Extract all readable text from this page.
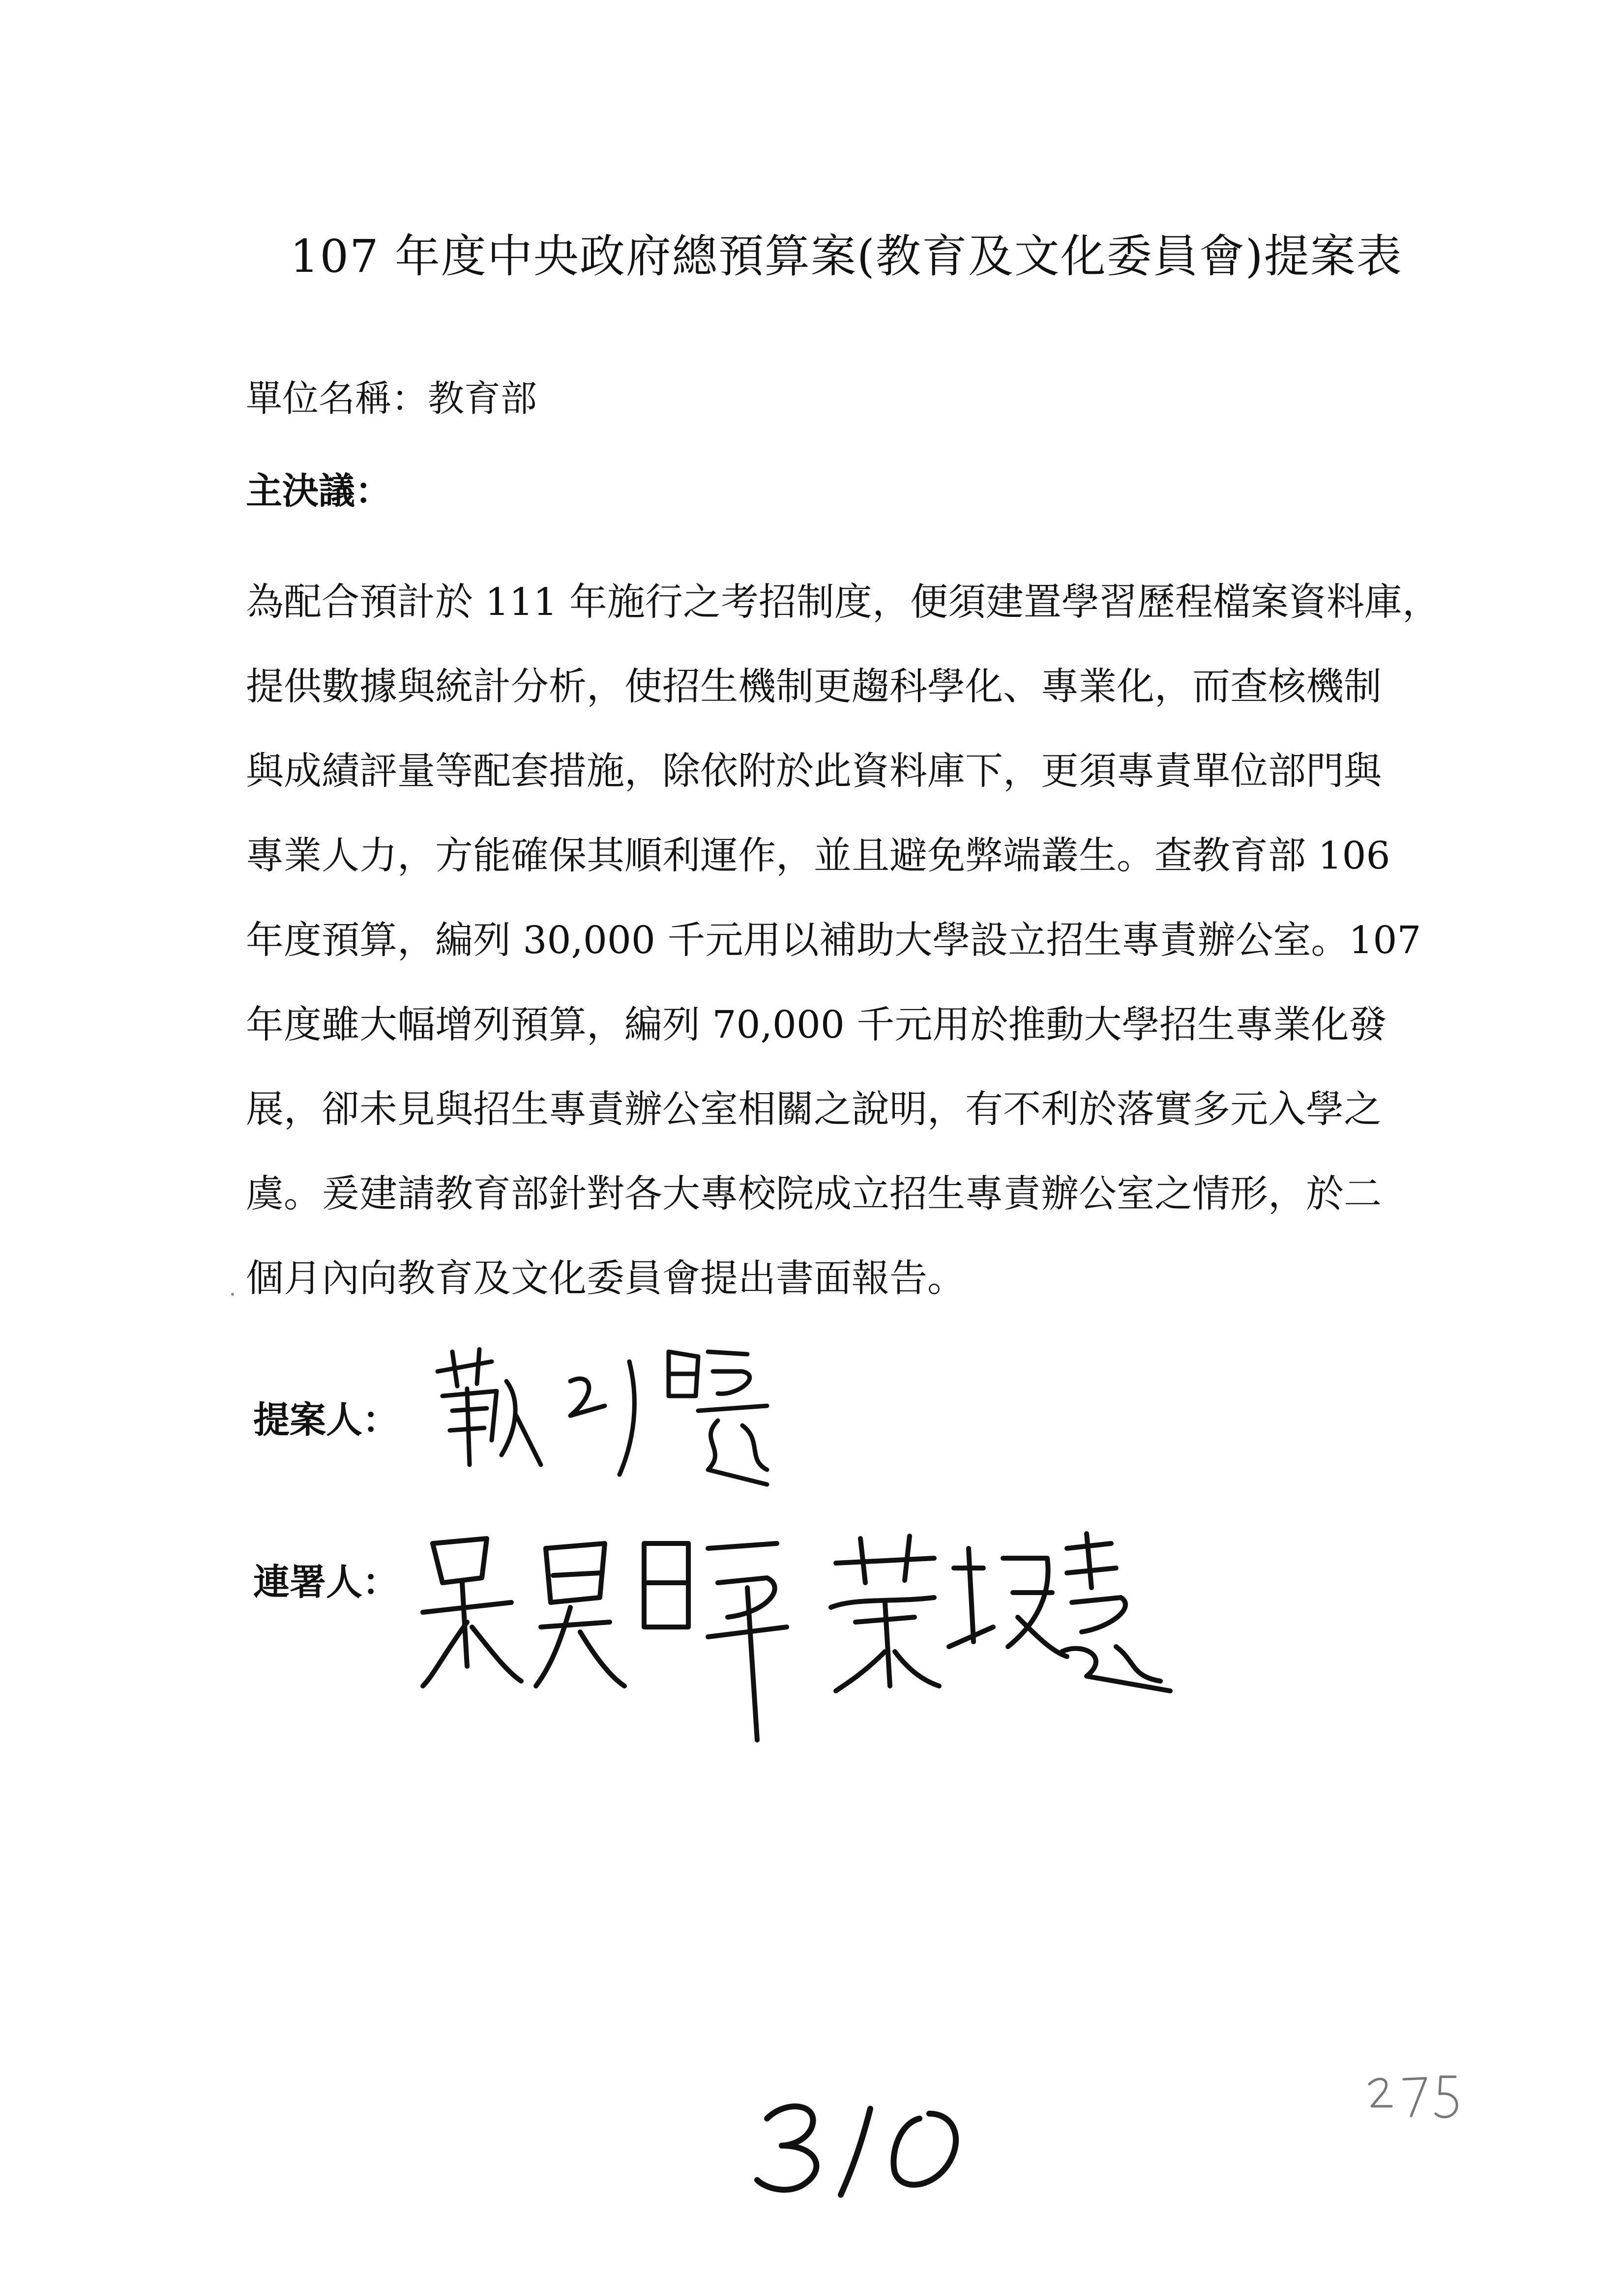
107 年度中央政府總預算案(教育及文化委員會)提案表
單位名稱：教育部
主決議：

為配合預計於 111 年施行之考招制度，便須建置學習歷程檔案資料庫，
提供數據與統計分析，使招生機制更趨科學化、專業化，而查核機制
與成績評量等配套措施，除依附於此資料庫下，更須專責單位部門與
專業人力，方能確保其順利運作，並且避免弊端叢生。查教育部 106
年度預算，編列 30,000 千元用以補助大學設立招生專責辦公室。107
年度雖大幅增列預算，編列 70,000 千元用於推動大學招生專業化發
展，卻未見與招生專責辦公室相關之說明，有不利於落實多元入學之
虞。爰建請教育部針對各大專校院成立招生專責辦公室之情形，於二
個月內向教育及文化委員會提出書面報告。

提案人：
連署人：
